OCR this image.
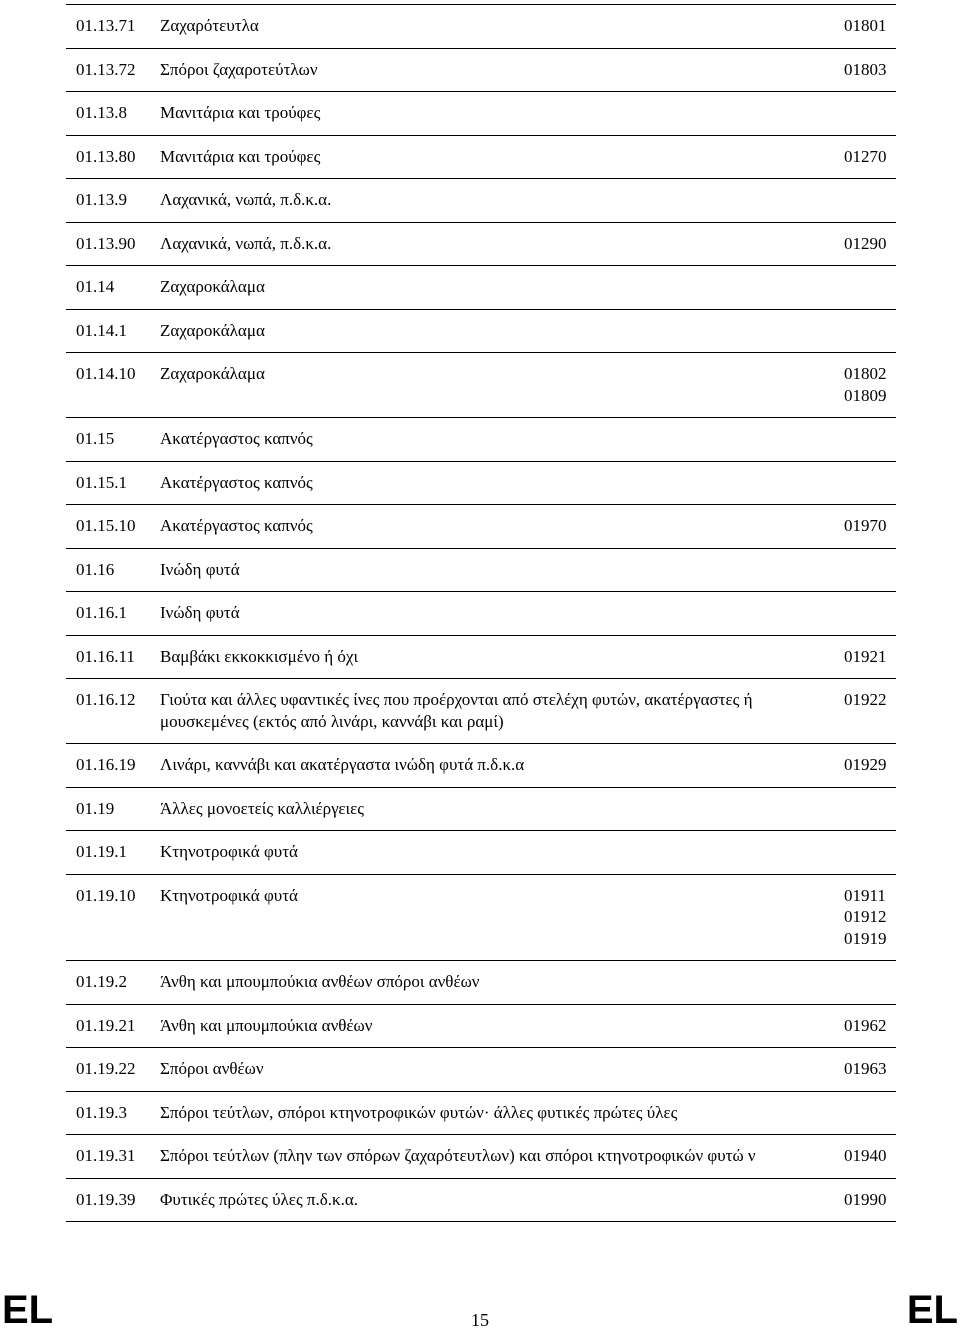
01.13.71	Ζαχαρότευτλα	01801

01.13.72	Σπόροι ζαχαροτεύτλων	01803

01.13.8	Μανιτάρια και τρούφες	
01.13.80	Μανιτάρια και τρούφες	01270

01.13.9	Λαχανικά, νωπά, π.δ.κ.α.	
01.13.90	Λαχανικά, νωπά, π.δ.κ.α.	01290

01.14	Ζαχαροκάλαμα	
01.14.1	Ζαχαροκάλαμα	
01.14.10	Ζαχαροκάλαμα	01802
01809

01.15	Ακατέργαστος καπνός	
01.15.1	Ακατέργαστος καπνός	
01.15.10	Ακατέργαστος καπνός	01970

01.16	Ινώδη φυτά	
01.16.1	Ινώδη φυτά	
01.16.11	Βαμβάκι εκκοκκισμένο ή όχι	01921

01.16.12	Γιούτα και άλλες υφαντικές ίνες που προέρχονται από στελέχη φυτών, ακατέργαστες ή μουσκεμένες (εκτός από λινάρι, καννάβι και ραμί)	01922

01.16.19	Λινάρι, καννάβι και ακατέργαστα ινώδη φυτά π.δ.κ.α	01929

01.19	Άλλες μονοετείς καλλιέργειες	
01.19.1	Κτηνοτροφικά φυτά	
01.19.10	Κτηνοτροφικά φυτά	01911
01912
01919

01.19.2	Άνθη και μπουμπούκια ανθέων σπόροι ανθέων	
01.19.21	Άνθη και μπουμπούκια ανθέων	01962

01.19.22	Σπόροι ανθέων	01963

01.19.3	Σπόροι τεύτλων, σπόροι κτηνοτροφικών φυτών· άλλες φυτικές πρώτες ύλες	
01.19.31	Σπόροι τεύτλων (πλην των σπόρων ζαχαρότευτλων) και σπόροι κτηνοτροφικών φυτώ ν	01940

01.19.39	Φυτικές πρώτες ύλες π.δ.κ.α.	01990
EL	15	EL
